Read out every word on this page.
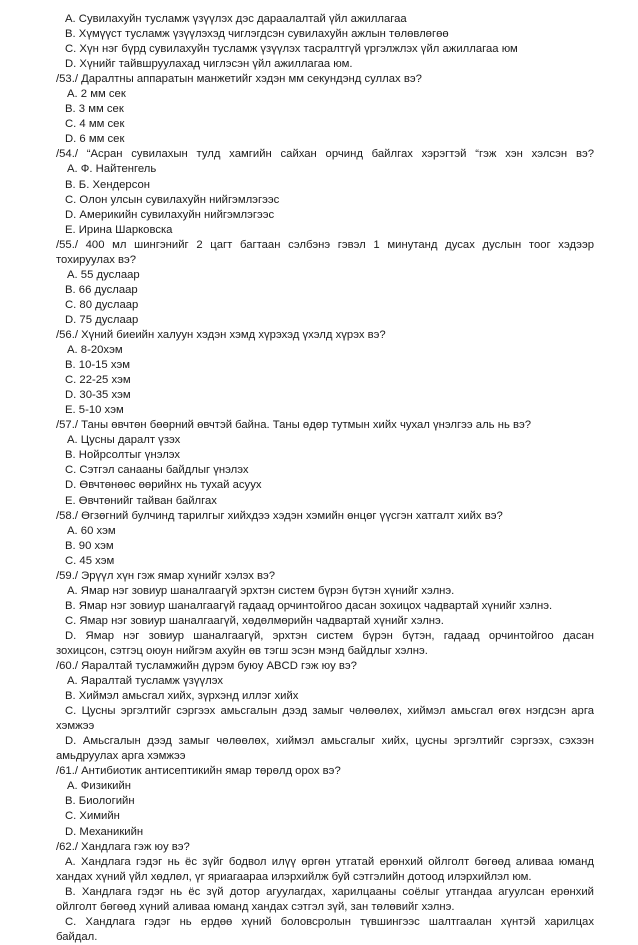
A. Сувилахуйн тусламж үзүүлэх дэс дараалалтай үйл ажиллагаа
B. Хүмүүст тусламж үзүүлэхэд чиглэгдсэн сувилахуйн ажлын төлөвлөгөө
C. Хүн нэг бүрд сувилахуйн тусламж үзүүлэх тасралтгүй үргэлжлэх үйл ажиллагаа юм
D. Хүнийг тайвшруулахад чиглэсэн үйл ажиллагаа юм.
/53./ Даралтны аппаратын манжетийг хэдэн мм секундэнд суллах вэ?
A. 2 мм сек
B. 3 мм сек
C. 4 мм сек
D. 6 мм сек
/54./ “Асран сувилахын тулд хамгийн сайхан орчинд байлгах хэрэгтэй “гэж хэн хэлсэн вэ?
A. Ф. Найтенгель
B. Б. Хендерсон
C. Олон улсын сувилахуйн нийгэмлэгээс
D. Америкийн сувилахуйн нийгэмлэгээс
E. Ирина Шарковска
/55./ 400 мл шингэнийг 2 цагт багтаан сэлбэнэ гэвэл 1 минутанд дусах дуслын тоог хэдээр
тохируулах вэ?
A. 55 дуслаар
B. 66 дуслаар
C. 80 дуслаар
D. 75 дуслаар
/56./ Хүний биеийн халуун хэдэн хэмд хүрэхэд үхэлд хүрэх вэ?
A. 8-20хэм
B. 10-15 хэм
C. 22-25 хэм
D. 30-35 хэм
E. 5-10 хэм
/57./ Таны өвчтөн бөөрний өвчтэй байна. Таны өдөр тутмын хийх чухал үнэлгээ аль нь вэ?
A. Цусны даралт үзэх
B. Нойрсолтыг үнэлэх
C. Сэтгэл санааны байдлыг үнэлэх
D. Өвчтөнөөс өөрийнх нь тухай асуух
E. Өвчтөнийг тайван байлгах
/58./ Өгзөгний булчинд тарилгыг хийхдээ хэдэн хэмийн өнцөг үүсгэн хатгалт хийх вэ?
A. 60 хэм
B. 90 хэм
C. 45 хэм
/59./ Эрүүл хүн гэж ямар хүнийг хэлэх вэ?
A. Ямар нэг зовиур шаналгаагүй эрхтэн систем бүрэн бүтэн хүнийг хэлнэ.
B. Ямар нэг зовиур шаналгаагүй гадаад орчинтойгоо дасан зохицох чадвартай хүнийг хэлнэ.
C. Ямар нэг зовиур шаналгаагүй, хөдөлмөрийн чадвартай хүнийг хэлнэ.
D. Ямар нэг зовиур шаналгаагүй, эрхтэн систем бүрэн бүтэн, гадаад орчинтойгоо дасан
зохицсон, сэтгэц оюун нийгэм ахуйн өв тэгш эсэн мэнд байдлыг хэлнэ.
/60./ Яаралтай тусламжийн дүрэм буюу ABCD гэж юу вэ?
A. Яаралтай тусламж үзүүлэх
B. Хиймэл амьсгал хийх, зүрхэнд иллэг хийх
C. Цусны эргэлтийг сэргээх амьсгалын дээд замыг чөлөөлөх, хиймэл амьсгал өгөх нэгдсэн арга
хэмжээ
D. Амьсгалын дээд замыг чөлөөлөх, хиймэл амьсгалыг хийх, цусны эргэлтийг сэргээх, сэхээн
амьдруулах арга хэмжээ
/61./ Антибиотик антисептикийн ямар төрөлд орох вэ?
A. Физикийн
B. Биологийн
C. Химийн
D. Механикийн
/62./ Хандлага гэж юу вэ?
A. Хандлага гэдэг нь ёс зүйг бодвол илүү өргөн утгатай ерөнхий ойлголт бөгөөд аливаа юманд
хандах хүний үйл хөдлөл, үг яриагаараа илэрхийлж буй сэтгэлийн дотоод илэрхийлэл юм.
B. Хандлага гэдэг нь ёс зүй дотор агуулагдах, харилцааны соёлыг утгандаа агуулсан ерөнхий
ойлголт бөгөөд хүний аливаа юманд хандах сэтгэл зүй, зан төлөвийг хэлнэ.
C. Хандлага гэдэг нь ердөө хүний боловсролын түвшингээс шалтгаалан хүнтэй харилцах
байдал.
